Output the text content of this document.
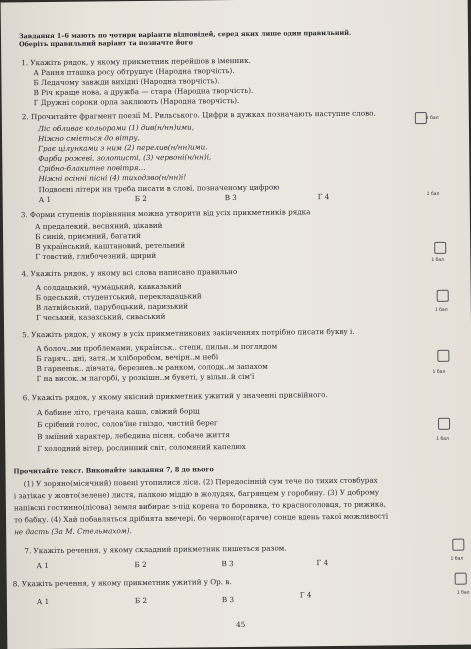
Завдання 1–6 мають по чотири варіанти відповідей, серед яких лише один правильний.
Оберіть правильний варіант та позначте його
1. Укажіть рядок, у якому прикметник перейшов в іменник.
А Рання пташка росу обтрушує (Народна творчість).
Б Ледачому завжди вихідні (Народна творчість).
В Рiч краще нова, а дружба — стара (Народна творчість).
Г Дружні сороки орла заклюють (Народна творчість).
2. Прочитайте фрагмент поезії М. Рильського. Цифри в дужках позначають наступне слово.	1 бал
Ліс обливає кольорами (1) див(н/нн)ими,
Ніжно сміється до вітру,
Грає цілунками з ним (2) перелив(н/нн)ими.
Фарби рожеві, золотисті, (3) червоні(н/нн)і,
Срібно-блакитне повітря…
Ніжні осінні пісні (4) тиходзво(н/нн)і!
Подвоєні літери нн треба писати в слові, позначеному цифрою
А 1	Б 2	В 3	Г 4	1 бал
3. Форми ступенів порівняння можна утворити від усіх прикметників рядка
А предалекий, весняний, цікавий
Б синій, приємний, багатий
В український, каштановий, ретельний
Г товстий, глибочезний, щирий	1 бал
4. Укажіть рядок, у якому всі слова написано правильно
А солдацький, чумацький, кавказький
Б одеський, студентський, перекладацький
В латвійський, парубоцький, паризький
Г чеський, казахський, сиваський
1 бал
5. Укажіть рядок, у якому в усіх прикметникових закінченнях потрібно писати букву і.
А болоч..ми проблемами, українськ.. степи, пильн..м поглядом
Б гаряч.. дні, затя..м хліборобом, вечірн..м небі
В гарненьк.. дівчата, березнев..м ранком, солодк..м запахом
Г на висок..м пагорбі, у розкішн..м букеті, у вільн..й сім'ї	1 бал
6. Укажіть рядок, у якому якісний прикметник ужитий у значенні присвійного.
А бабине літо, гречана каша, свіжий борщ
Б срібний голос, солов'їне гніздо, чистий берег
В зміїний характер, лебедина пісня, собаче життя
Г холодний вітер, рослинний світ, соломяний капелюх
1 бал
Прочитайте текст. Виконайте завдання 7, 8 до нього
(1) У зоряно(місячний) повені утопилися ліси. (2) Передосінній сум тече по тихих стовбурах
і затікає у жовто(зелене) листя, палкою міддю в жолудях, багрянцем у горобину. (3) У доброму
напівсні гостинно(лісова) земля вибирає з-під корена то боровика, то красноголовця, то рижика,
то бабку. (4) Хай побавляться дрібнята ввечері, бо червоно(гаряче) сонце вдень такої можливості
не дасть (За М. Стельмахом).
7. Укажіть речення, у якому складний прикметник пишеться разом.
А 1	Б 2	В 3	Г 4	1 бал
8. Укажіть речення, у якому прикметник ужитий у Ор. в.
А 1	Б 2	В 3
Г 4	1 бал
45
